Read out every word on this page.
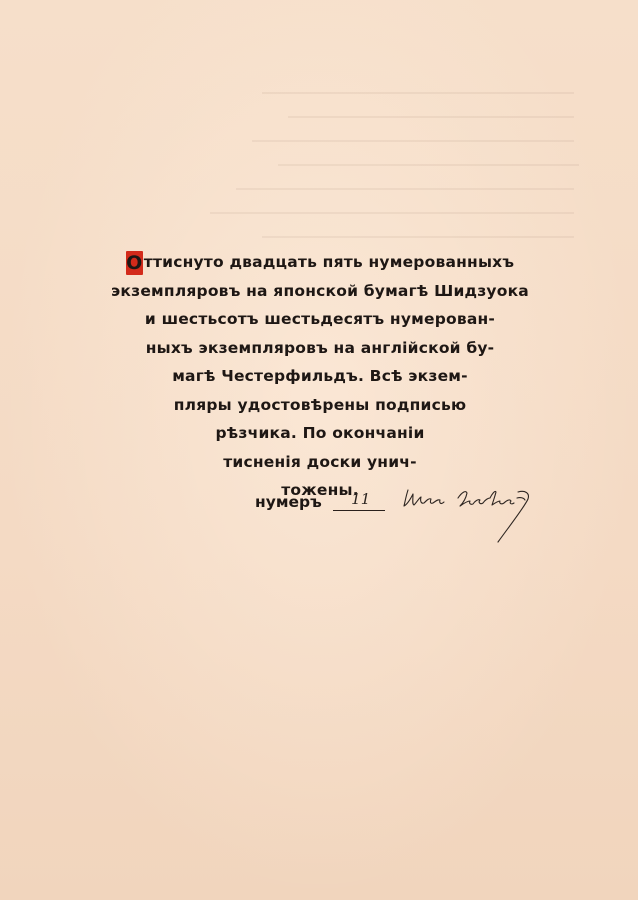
Оттиснуто двадцать пять нумерованныхъ
экземпляровъ на японской бумагѣ Шидзуока
и шестьсотъ шестьдесятъ нумерован-
ныхъ экземпляровъ на англійской бу-
магѣ Честерфильдъ. Всѣ экзем-
пляры удостовѣрены подписью
рѣзчика. По окончаніи
тисненія доски унич-
тожены.
нумеръ 11
